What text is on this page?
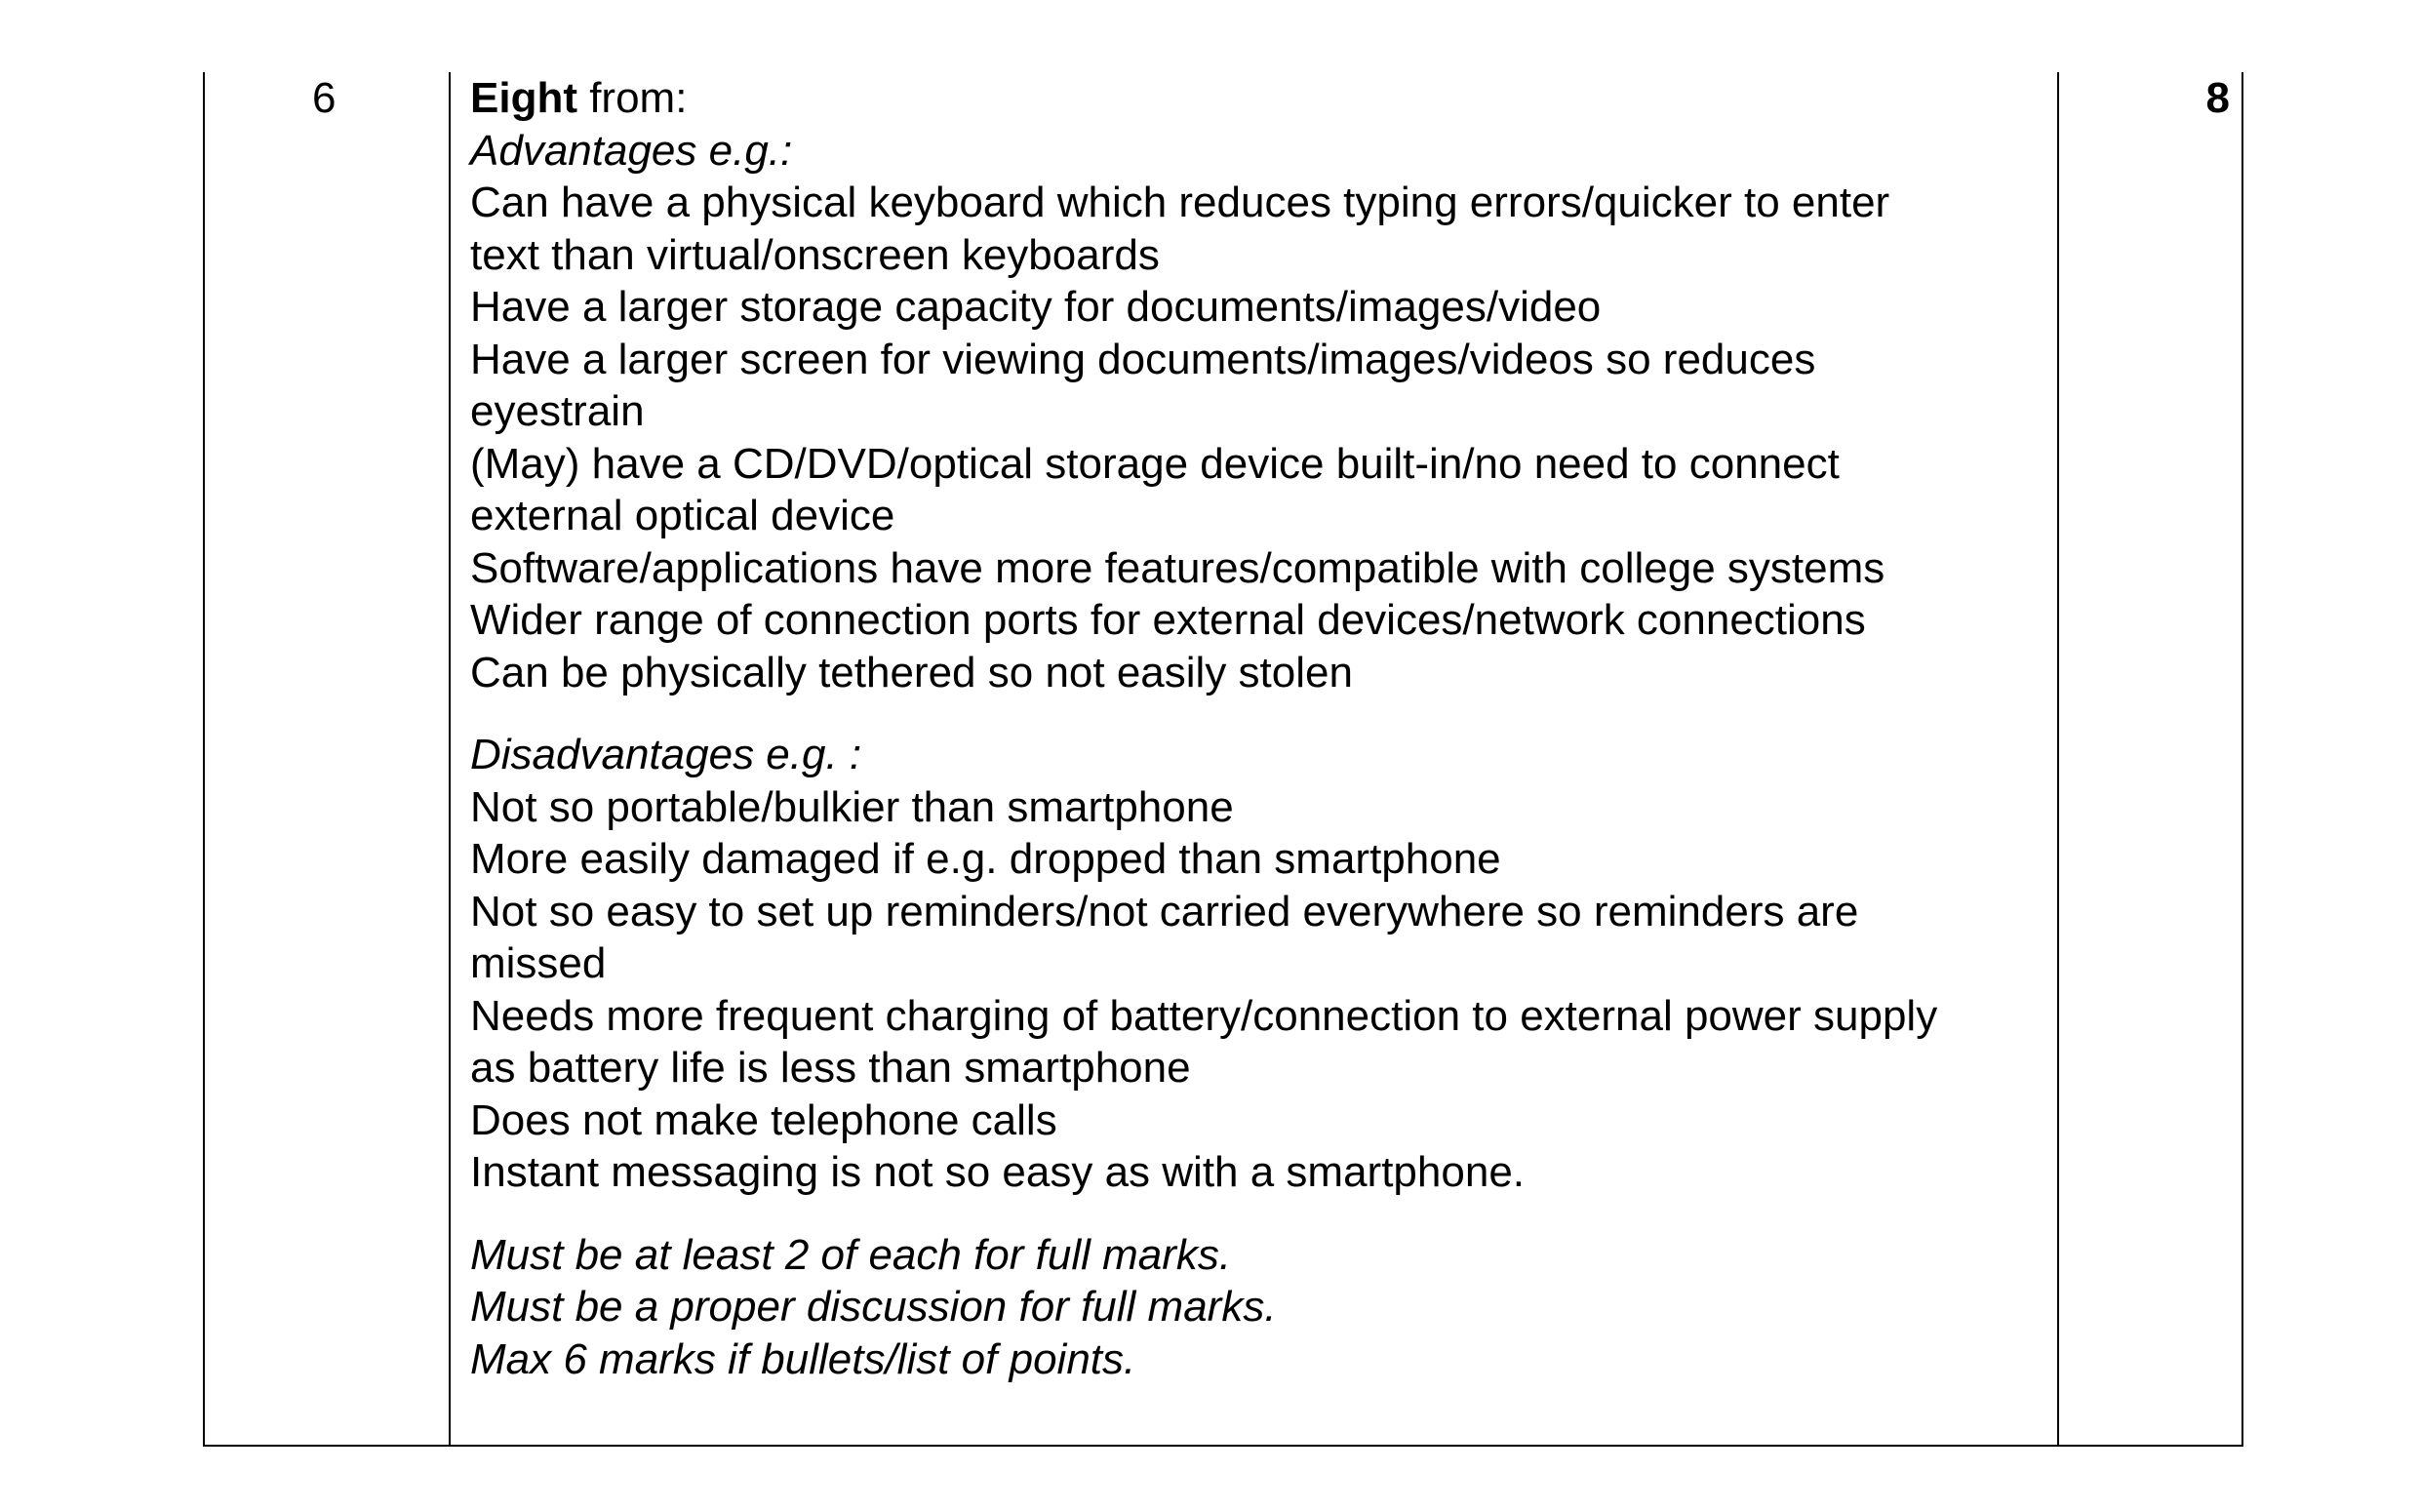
6	Eight from:
Advantages e.g.:
Can have a physical keyboard which reduces typing errors/quicker to enter
text than virtual/onscreen keyboards
Have a larger storage capacity for documents/images/video
Have a larger screen for viewing documents/images/videos so reduces
eyestrain
(May) have a CD/DVD/optical storage device built-in/no need to connect
external optical device
Software/applications have more features/compatible with college systems
Wider range of connection ports for external devices/network connections
Can be physically tethered so not easily stolen
Disadvantages e.g. :
Not so portable/bulkier than smartphone
More easily damaged if e.g. dropped than smartphone
Not so easy to set up reminders/not carried everywhere so reminders are
missed
Needs more frequent charging of battery/connection to external power supply
as battery life is less than smartphone
Does not make telephone calls
Instant messaging is not so easy as with a smartphone.
Must be at least 2 of each for full marks.
Must be a proper discussion for full marks.
Max 6 marks if bullets/list of points.
8
